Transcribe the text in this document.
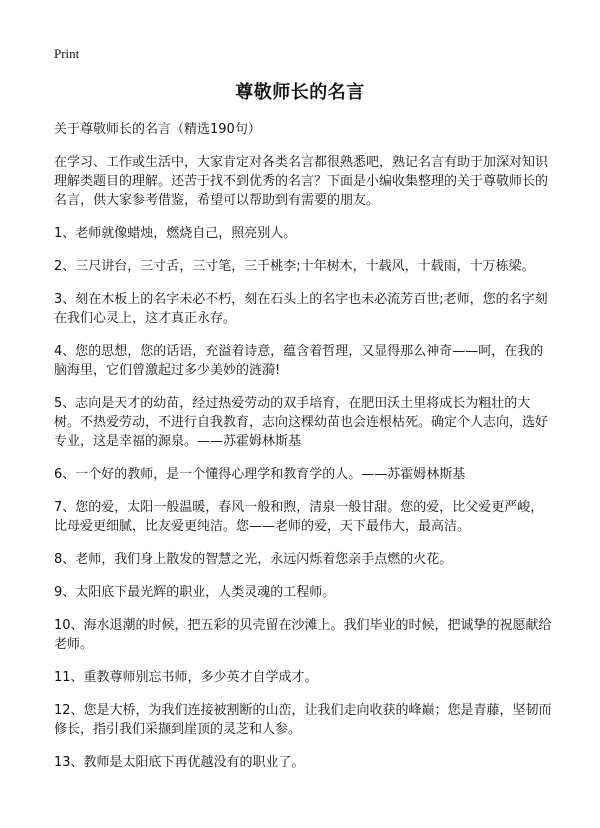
Print
尊敬师长的名言

关于尊敬师长的名言（精选190句）

在学习、工作或生活中，大家肯定对各类名言都很熟悉吧，熟记名言有助于加深对知识理解类题目的理解。还苦于找不到优秀的名言？下面是小编收集整理的关于尊敬师长的名言，供大家参考借鉴，希望可以帮助到有需要的朋友。

1、老师就像蜡烛，燃烧自己，照亮别人。
2、三尺讲台，三寸舌，三寸笔，三千桃李;十年树木，十载风，十载雨，十万栋梁。
3、刻在木板上的名字未必不朽，刻在石头上的名字也未必流芳百世;老师，您的名字刻在我们心灵上，这才真正永存。
4、您的思想，您的话语，充溢着诗意，蕴含着哲理，又显得那么神奇——呵，在我的脑海里，它们曾激起过多少美妙的涟漪!
5、志向是天才的幼苗，经过热爱劳动的双手培育，在肥田沃土里将成长为粗壮的大树。不热爱劳动，不进行自我教育，志向这棵幼苗也会连根枯死。确定个人志向，选好专业，这是幸福的源泉。——苏霍姆林斯基
6、一个好的教师，是一个懂得心理学和教育学的人。——苏霍姆林斯基
7、您的爱，太阳一般温暖，春风一般和煦，清泉一般甘甜。您的爱，比父爱更严峻，比母爱更细腻，比友爱更纯洁。您——老师的爱，天下最伟大，最高洁。
8、老师，我们身上散发的智慧之光，永远闪烁着您亲手点燃的火花。
9、太阳底下最光辉的职业，人类灵魂的工程师。
10、海水退潮的时候，把五彩的贝壳留在沙滩上。我们毕业的时候，把诚挚的祝愿献给老师。
11、重教尊师别忘书师，多少英才自学成才。
12、您是大桥，为我们连接被割断的山峦，让我们走向收获的峰巅；您是青藤，坚韧而修长，指引我们采撷到崖顶的灵芝和人参。
13、教师是太阳底下再优越没有的职业了。
